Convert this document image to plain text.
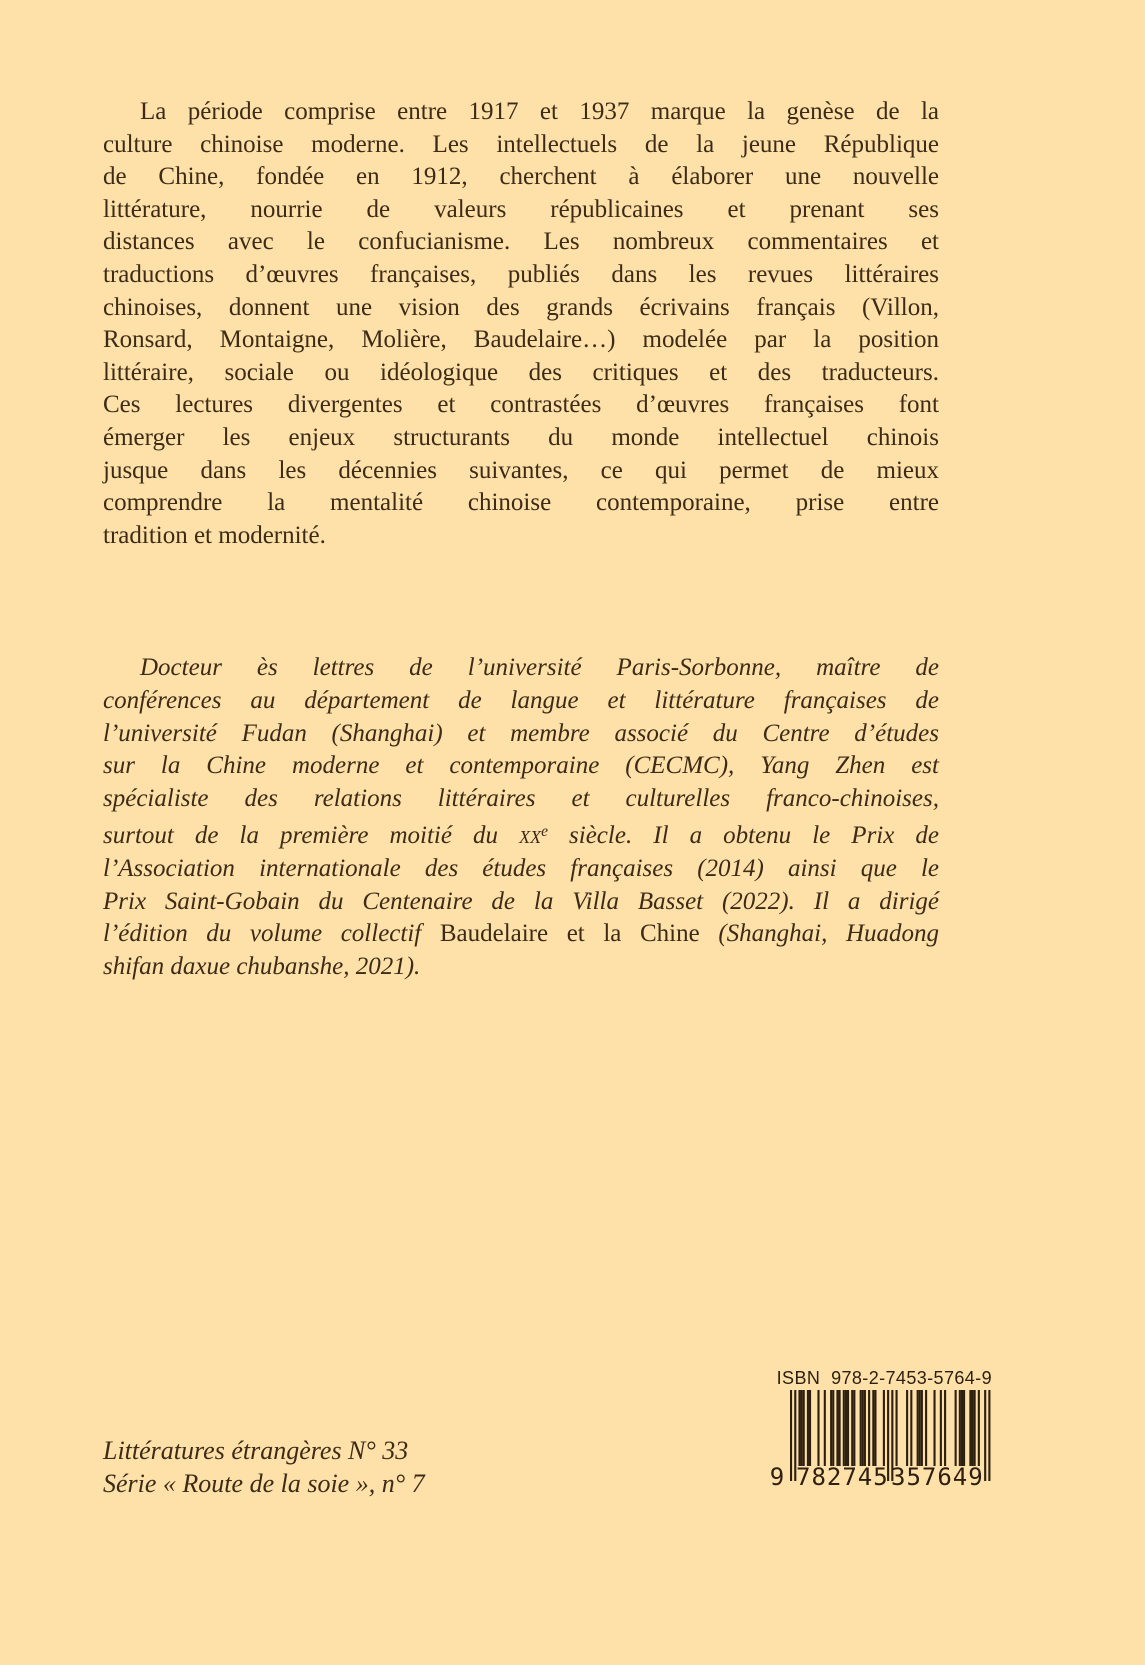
La période comprise entre 1917 et 1937 marque la genèse de la
culture chinoise moderne. Les intellectuels de la jeune République
de Chine, fondée en 1912, cherchent à élaborer une nouvelle
littérature, nourrie de valeurs républicaines et prenant ses
distances avec le confucianisme. Les nombreux commentaires et
traductions d’œuvres françaises, publiés dans les revues littéraires
chinoises, donnent une vision des grands écrivains français (Villon,
Ronsard, Montaigne, Molière, Baudelaire…) modelée par la position
littéraire, sociale ou idéologique des critiques et des traducteurs.
Ces lectures divergentes et contrastées d’œuvres françaises font
émerger les enjeux structurants du monde intellectuel chinois
jusque dans les décennies suivantes, ce qui permet de mieux
comprendre la mentalité chinoise contemporaine, prise entre
tradition et modernité.
Docteur ès lettres de l’université Paris-Sorbonne, maître de
conférences au département de langue et littérature françaises de
l’université Fudan (Shanghai) et membre associé du Centre d’études
sur la Chine moderne et contemporaine (CECMC), Yang Zhen est
spécialiste des relations littéraires et culturelles franco-chinoises,
surtout de la première moitié du $xx^e$ siècle. Il a obtenu le Prix de
l’Association internationale des études françaises (2014) ainsi que le
Prix Saint-Gobain du Centenaire de la Villa Basset (2022). Il a dirigé
l’édition du volume collectif Baudelaire et la Chine (Shanghai, Huadong
shifan daxue chubanshe, 2021).
Littératures étrangères N° 33
Série « Route de la soie », n° 7
ISBN  978-2-7453-5764-9
9 782745 357649
